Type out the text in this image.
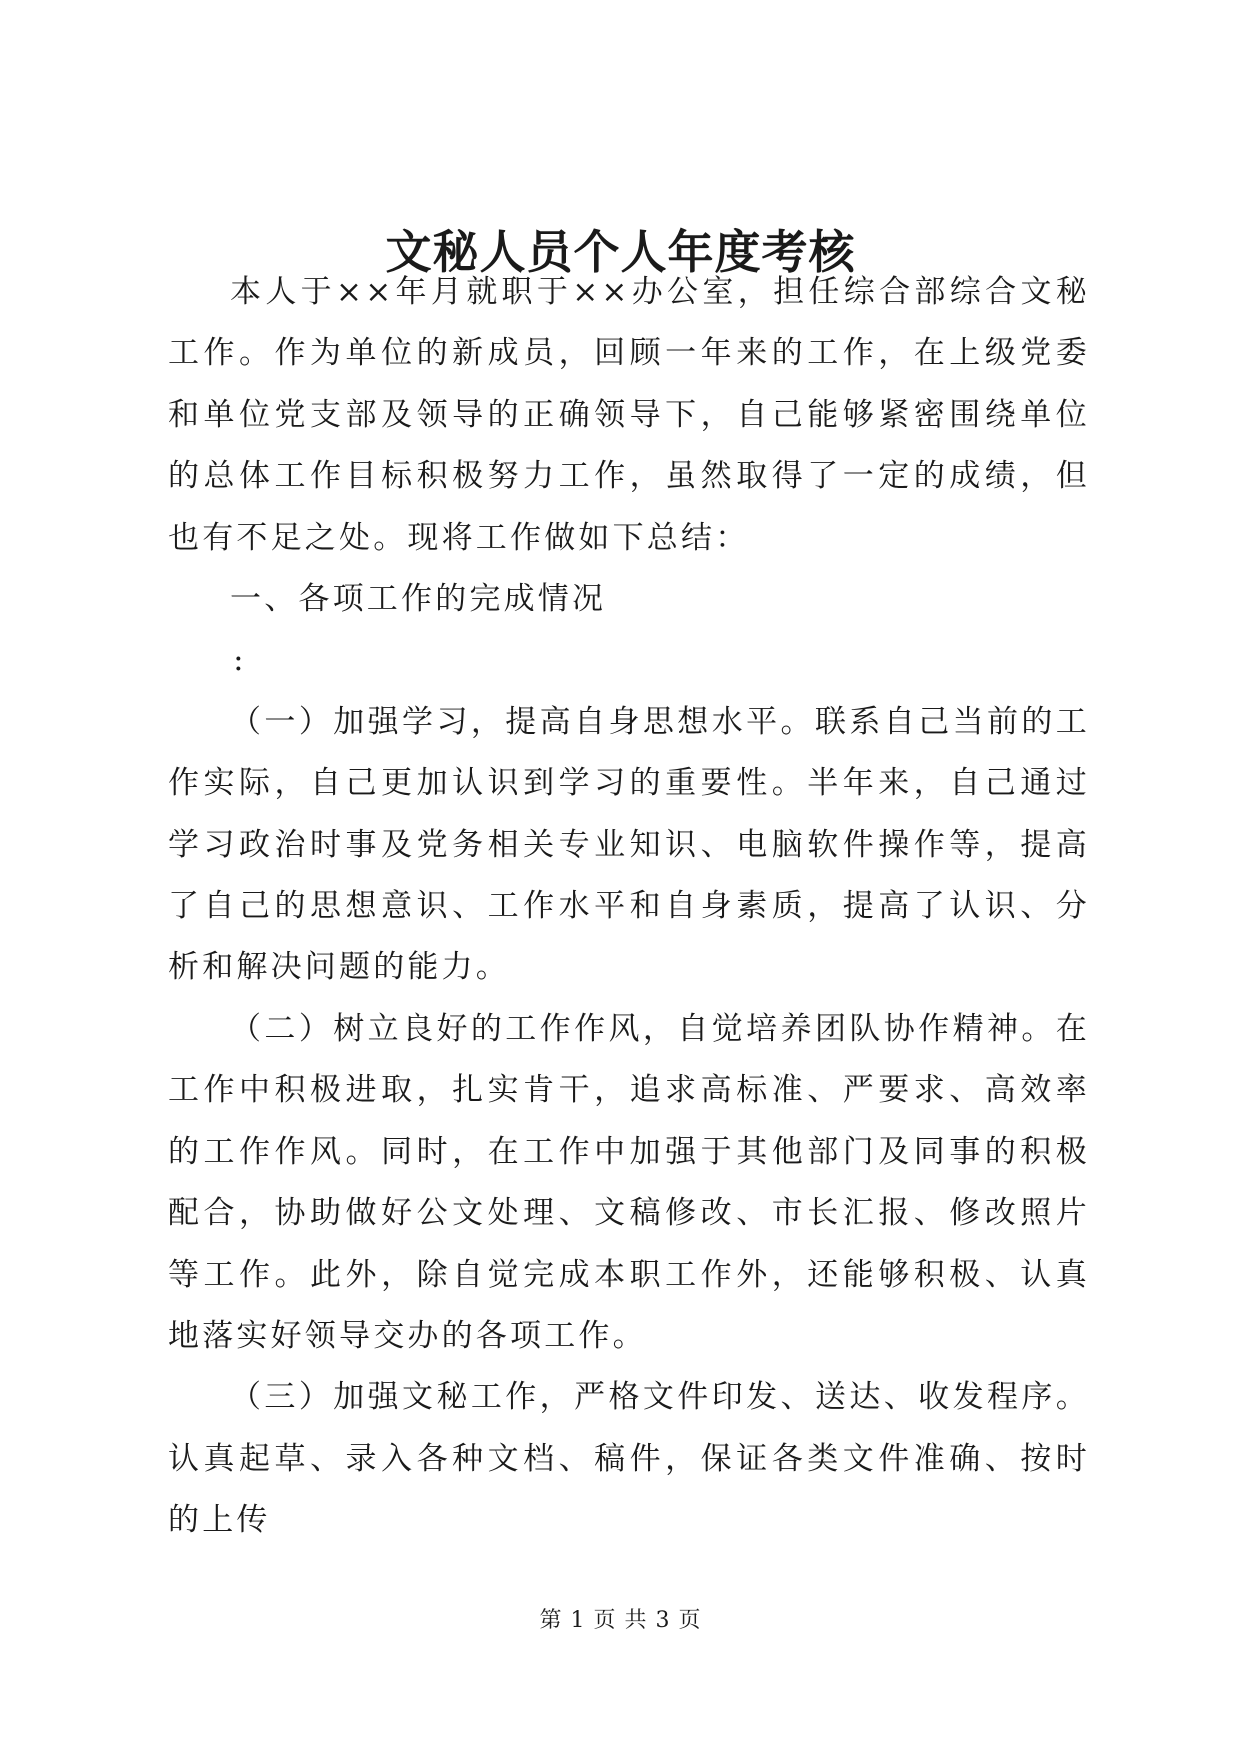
文秘人员个人年度考核

本人于××年月就职于××办公室，担任综合部综合文秘工作。作为单位的新成员，回顾一年来的工作，在上级党委和单位党支部及领导的正确领导下，自己能够紧密围绕单位的总体工作目标积极努力工作，虽然取得了一定的成绩，但也有不足之处。现将工作做如下总结：

一、各项工作的完成情况

:

（一）加强学习，提高自身思想水平。联系自己当前的工作实际，自己更加认识到学习的重要性。半年来，自己通过学习政治时事及党务相关专业知识、电脑软件操作等，提高了自己的思想意识、工作水平和自身素质，提高了认识、分析和解决问题的能力。

（二）树立良好的工作作风，自觉培养团队协作精神。在工作中积极进取，扎实肯干，追求高标准、严要求、高效率的工作作风。同时，在工作中加强于其他部门及同事的积极配合，协助做好公文处理、文稿修改、市长汇报、修改照片等工作。此外，除自觉完成本职工作外，还能够积极、认真地落实好领导交办的各项工作。

（三）加强文秘工作，严格文件印发、送达、收发程序。认真起草、录入各种文档、稿件，保证各类文件准确、按时的上传

第 1 页 共 3 页
